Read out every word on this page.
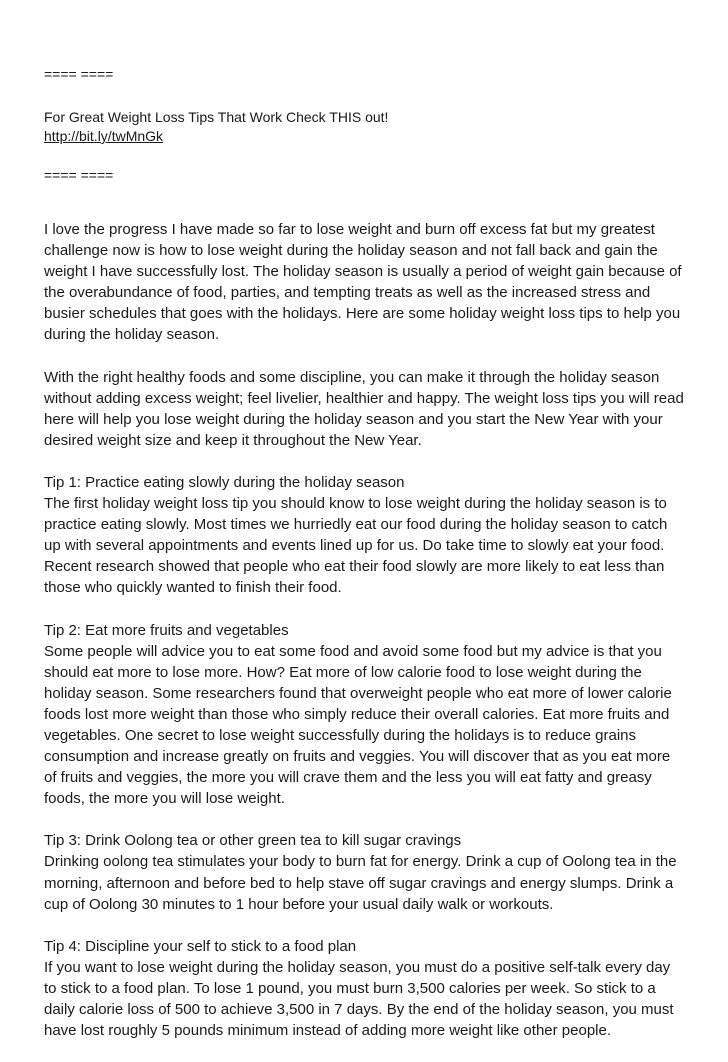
==== ====
For Great Weight Loss Tips That Work Check THIS out!
http://bit.ly/twMnGk
==== ====

I love the progress I have made so far to lose weight and burn off excess fat but my greatest challenge now is how to lose weight during the holiday season and not fall back and gain the weight I have successfully lost. The holiday season is usually a period of weight gain because of the overabundance of food, parties, and tempting treats as well as the increased stress and busier schedules that goes with the holidays. Here are some holiday weight loss tips to help you during the holiday season.

With the right healthy foods and some discipline, you can make it through the holiday season without adding excess weight; feel livelier, healthier and happy. The weight loss tips you will read here will help you lose weight during the holiday season and you start the New Year with your desired weight size and keep it throughout the New Year.

Tip 1: Practice eating slowly during the holiday season
The first holiday weight loss tip you should know to lose weight during the holiday season is to practice eating slowly. Most times we hurriedly eat our food during the holiday season to catch up with several appointments and events lined up for us. Do take time to slowly eat your food. Recent research showed that people who eat their food slowly are more likely to eat less than those who quickly wanted to finish their food.

Tip 2: Eat more fruits and vegetables
Some people will advice you to eat some food and avoid some food but my advice is that you should eat more to lose more. How? Eat more of low calorie food to lose weight during the holiday season. Some researchers found that overweight people who eat more of lower calorie foods lost more weight than those who simply reduce their overall calories. Eat more fruits and vegetables. One secret to lose weight successfully during the holidays is to reduce grains consumption and increase greatly on fruits and veggies. You will discover that as you eat more of fruits and veggies, the more you will crave them and the less you will eat fatty and greasy foods, the more you will lose weight.

Tip 3: Drink Oolong tea or other green tea to kill sugar cravings
Drinking oolong tea stimulates your body to burn fat for energy. Drink a cup of Oolong tea in the morning, afternoon and before bed to help stave off sugar cravings and energy slumps. Drink a cup of Oolong 30 minutes to 1 hour before your usual daily walk or workouts.

Tip 4: Discipline your self to stick to a food plan
If you want to lose weight during the holiday season, you must do a positive self-talk every day to stick to a food plan. To lose 1 pound, you must burn 3,500 calories per week. So stick to a daily calorie loss of 500 to achieve 3,500 in 7 days. By the end of the holiday season, you must have lost roughly 5 pounds minimum instead of adding more weight like other people.
